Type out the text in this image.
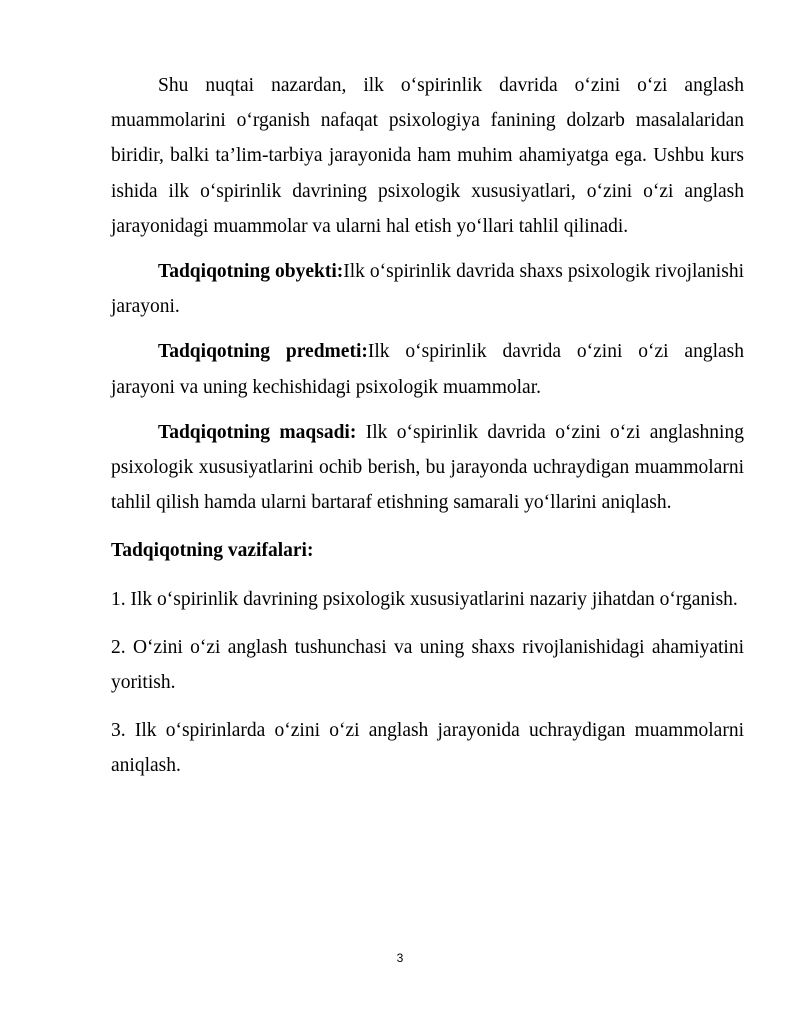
Shu nuqtai nazardan, ilk o‘spirinlik davrida o‘zini o‘zi anglash muammolarini o‘rganish nafaqat psixologiya fanining dolzarb masalalaridan biridir, balki ta’lim-tarbiya jarayonida ham muhim ahamiyatga ega. Ushbu kurs ishida ilk o‘spirinlik davrining psixologik xususiyatlari, o‘zini o‘zi anglash jarayonidagi muammolar va ularni hal etish yo‘llari tahlil qilinadi.

Tadqiqotning obyekti:Ilk o‘spirinlik davrida shaxs psixologik rivojlanishi jarayoni.

Tadqiqotning predmeti:Ilk o‘spirinlik davrida o‘zini o‘zi anglash jarayoni va uning kechishidagi psixologik muammolar.

Tadqiqotning maqsadi: Ilk o‘spirinlik davrida o‘zini o‘zi anglashning psixologik xususiyatlarini ochib berish, bu jarayonda uchraydigan muammolarni tahlil qilish hamda ularni bartaraf etishning samarali yo‘llarini aniqlash.

Tadqiqotning vazifalari:

1. Ilk o‘spirinlik davrining psixologik xususiyatlarini nazariy jihatdan o‘rganish.

2. O‘zini o‘zi anglash tushunchasi va uning shaxs rivojlanishidagi ahamiyatini yoritish.

3. Ilk o‘spirinlarda o‘zini o‘zi anglash jarayonida uchraydigan muammolarni aniqlash.

3
